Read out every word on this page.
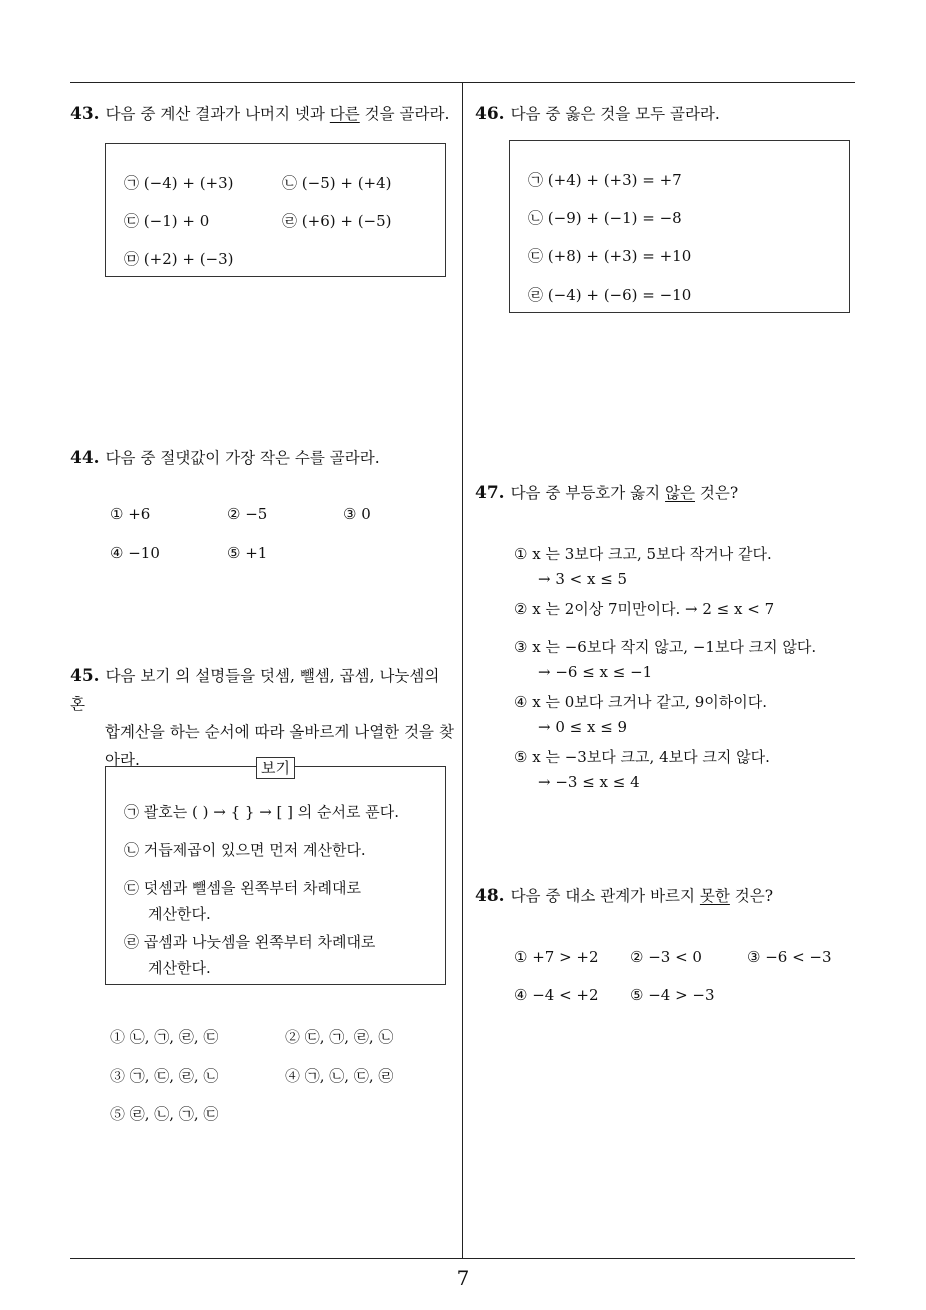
7
43. 다음 중 계산 결과가 나머지 넷과 다른 것을 골라라.
㉠ (−4) + (+3)	㉡ (−5) + (+4)
㉢ (−1) + 0	㉣ (+6) + (−5)
㉤ (+2) + (−3)
44. 다음 중 절댓값이 가장 작은 수를 골라라.
① +6	② −5	③ 0
④ −10	⑤ +1
45. 다음 보기 의 설명들을 덧셈, 뺄셈, 곱셈, 나눗셈의 혼
합계산을 하는 순서에 따라 올바르게 나열한 것을 찾
아라.
㉠ 괄호는 ( ) → { } → [ ] 의 순서로 푼다.
㉡ 거듭제곱이 있으면 먼저 계산한다.
㉢ 덧셈과 뺄셈을 왼쪽부터 차례대로
계산한다.
㉣ 곱셈과 나눗셈을 왼쪽부터 차례대로
계산한다.
보기
① ㉡, ㉠, ㉣, ㉢	② ㉢, ㉠, ㉣, ㉡
③ ㉠, ㉢, ㉣, ㉡	④ ㉠, ㉡, ㉢, ㉣
⑤ ㉣, ㉡, ㉠, ㉢
46. 다음 중 옳은 것을 모두 골라라.
㉠ (+4) + (+3) = +7
㉡ (−9) + (−1) = −8
㉢ (+8) + (+3) = +10
㉣ (−4) + (−6) = −10
47. 다음 중 부등호가 옳지 않은 것은?
① x 는 3보다 크고, 5보다 작거나 같다.
→ 3 < x ≤ 5
② x 는 2이상 7미만이다. → 2 ≤ x < 7
③ x 는 −6보다 작지 않고, −1보다 크지 않다.
→ −6 ≤ x ≤ −1
④ x 는 0보다 크거나 같고, 9이하이다.
→ 0 ≤ x ≤ 9
⑤ x 는 −3보다 크고, 4보다 크지 않다.
→ −3 ≤ x ≤ 4
48. 다음 중 대소 관계가 바르지 못한 것은?
① +7 > +2 ② −3 < 0	③ −6 < −3
④ −4 < +2 ⑤ −4 > −3
